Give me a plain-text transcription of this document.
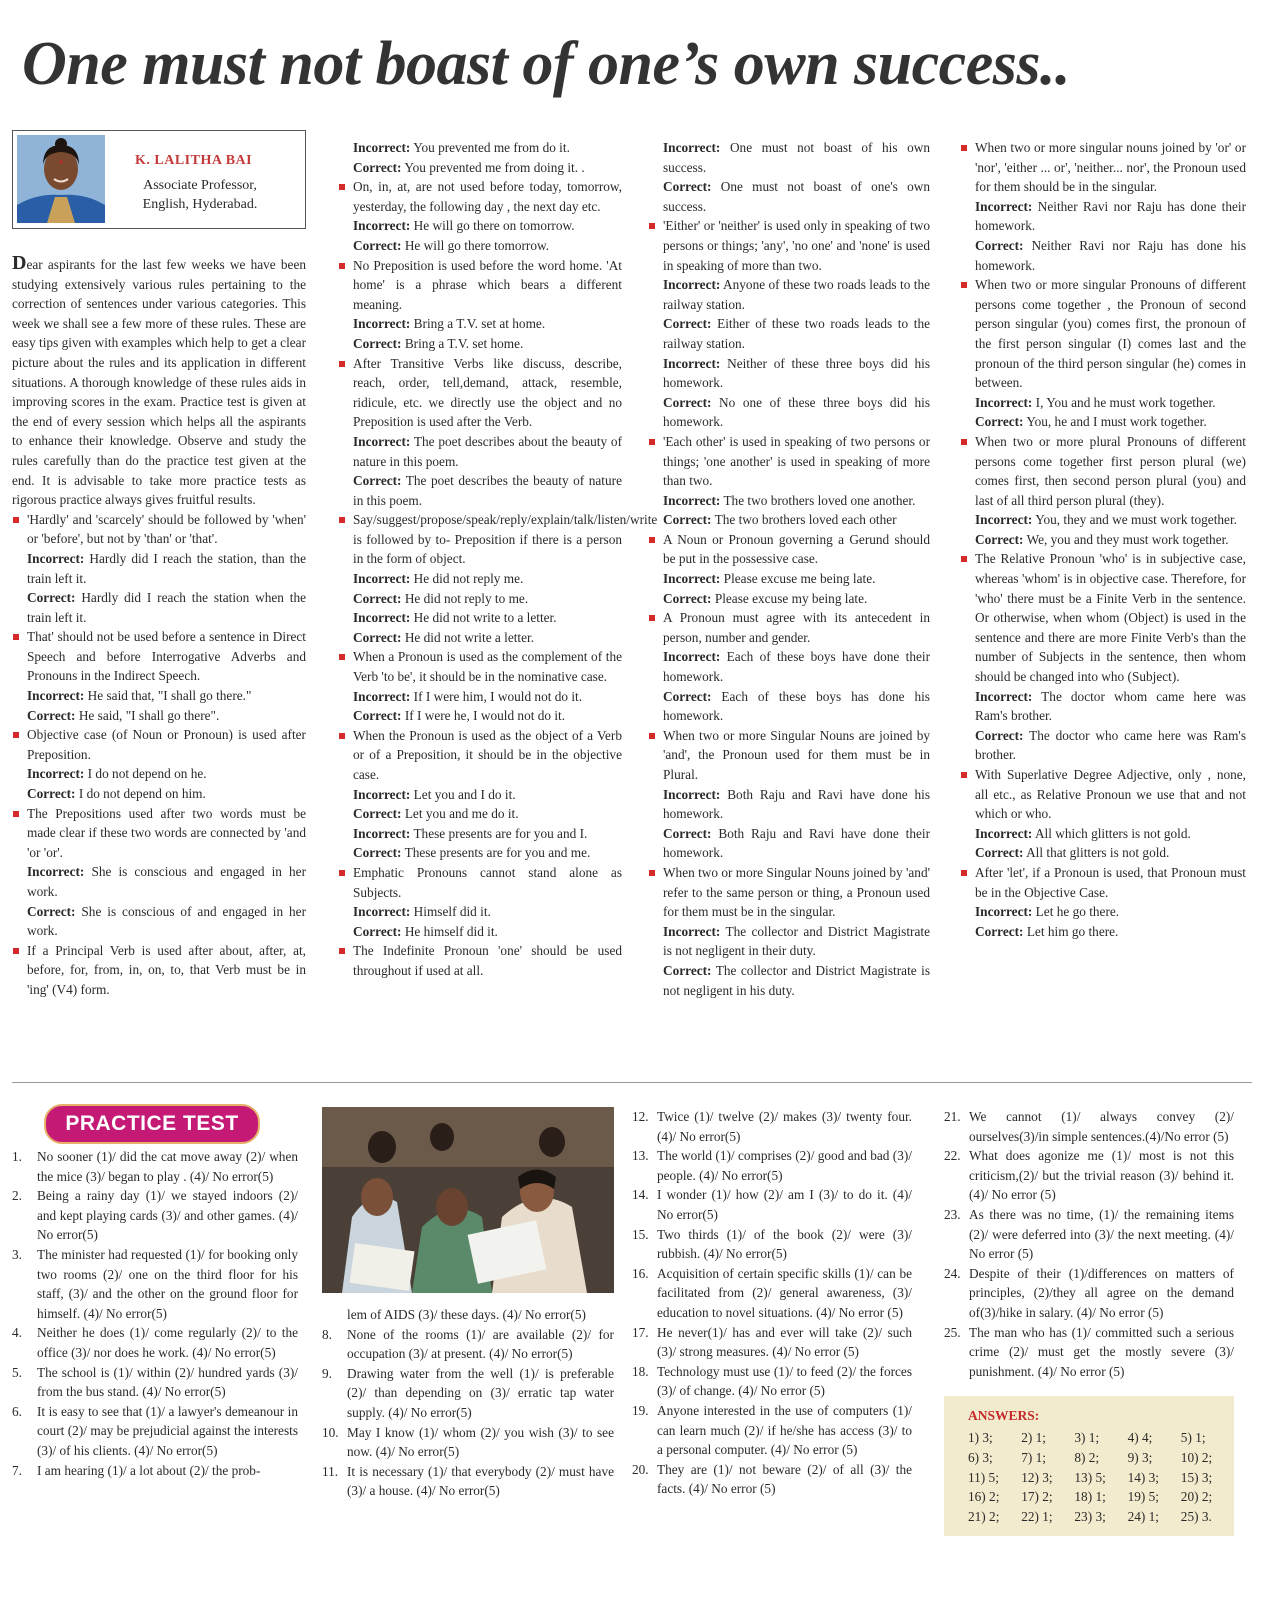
One must not boast of one’s own success..
K. LALITHA BAI
Associate Professor,
English, Hyderabad.
Dear aspirants for the last few weeks we have been studying extensively various rules pertaining to the correction of sentences under various categories. This week we shall see a few more of these rules. These are easy tips given with examples which help to get a clear picture about the rules and its application in different situations. A thorough knowledge of these rules aids in improving scores in the exam. Practice test is given at the end of every session which helps all the aspirants to enhance their knowledge. Observe and study the rules carefully than do the practice test given at the end. It is advisable to take more practice tests as rigorous practice always gives fruitful results.
'Hardly' and 'scarcely' should be followed by 'when' or 'before', but not by 'than' or 'that'.
Incorrect: Hardly did I reach the station, than the train left it.
Correct: Hardly did I reach the station when the train left it.
That' should not be used before a sentence in Direct Speech and before Interrogative Adverbs and Pronouns in the Indirect Speech.
Incorrect: He said that, "I shall go there."
Correct: He said, "I shall go there".
Objective case (of Noun or Pronoun) is used after Preposition.
Incorrect: I do not depend on he.
Correct: I do not depend on him.
The Prepositions used after two words must be made clear if these two words are connected by 'and 'or 'or'.
Incorrect: She is conscious and engaged in her work.
Correct: She is conscious of and engaged in her work.
If a Principal Verb is used after about, after, at, before, for, from, in, on, to, that Verb must be in 'ing' (V4) form.
Incorrect: You prevented me from do it.
Correct: You prevented me from doing it. .
On, in, at, are not used before today, tomorrow, yesterday, the following day , the next day etc.
Incorrect: He will go there on tomorrow.
Correct: He will go there tomorrow.
No Preposition is used before the word home. 'At home' is a phrase which bears a different meaning.
Incorrect: Bring a T.V. set at home.
Correct: Bring a T.V. set home.
After Transitive Verbs like discuss, describe, reach, order, tell,demand, attack, resemble, ridicule, etc. we directly use the object and no Preposition is used after the Verb.
Incorrect: The poet describes about the beauty of nature in this poem.
Correct: The poet describes the beauty of nature in this poem.
Say/suggest/propose/speak/reply/explain/talk/listen/write is followed by to- Preposition if there is a person in the form of object.
Incorrect: He did not reply me.
Correct: He did not reply to me.
Incorrect: He did not write to a letter.
Correct: He did not write a letter.
When a Pronoun is used as the complement of the Verb 'to be', it should be in the nominative case.
Incorrect: If I were him, I would not do it.
Correct: If I were he, I would not do it.
When the Pronoun is used as the object of a Verb or of a Preposition, it should be in the objective case.
Incorrect: Let you and I do it.
Correct: Let you and me do it.
Incorrect: These presents are for you and I.
Correct: These presents are for you and me.
Emphatic Pronouns cannot stand alone as Subjects.
Incorrect: Himself did it.
Correct: He himself did it.
The Indefinite Pronoun 'one' should be used throughout if used at all.
Incorrect: One must not boast of his own success.
Correct: One must not boast of one's own success.
'Either' or 'neither' is used only in speaking of two persons or things; 'any', 'no one' and 'none' is used in speaking of more than two.
Incorrect: Anyone of these two roads leads to the railway station.
Correct: Either of these two roads leads to the railway station.
Incorrect: Neither of these three boys did his homework.
Correct: No one of these three boys did his homework.
'Each other' is used in speaking of two persons or things; 'one another' is used in speaking of more than two.
Incorrect: The two brothers loved one another.
Correct: The two brothers loved each other
A Noun or Pronoun governing a Gerund should be put in the possessive case.
Incorrect: Please excuse me being late.
Correct: Please excuse my being late.
A Pronoun must agree with its antecedent in person, number and gender.
Incorrect: Each of these boys have done their homework.
Correct: Each of these boys has done his homework.
When two or more Singular Nouns are joined by 'and', the Pronoun used for them must be in Plural.
Incorrect: Both Raju and Ravi have done his homework.
Correct: Both Raju and Ravi have done their homework.
When two or more Singular Nouns joined by 'and' refer to the same person or thing, a Pronoun used for them must be in the singular.
Incorrect: The collector and District Magistrate is not negligent in their duty.
Correct: The collector and District Magistrate is not negligent in his duty.
When two or more singular nouns joined by 'or' or 'nor', 'either ... or', 'neither... nor', the Pronoun used for them should be in the singular.
Incorrect: Neither Ravi nor Raju has done their homework.
Correct: Neither Ravi nor Raju has done his homework.
When two or more singular Pronouns of different persons come together , the Pronoun of second person singular (you) comes first, the pronoun of the first person singular (I) comes last and the pronoun of the third person singular (he) comes in between.
Incorrect: I, You and he must work together.
Correct: You, he and I must work together.
When two or more plural Pronouns of different persons come together first person plural (we) comes first, then second person plural (you) and last of all third person plural (they).
Incorrect: You, they and we must work together.
Correct: We, you and they must work together.
The Relative Pronoun 'who' is in subjective case, whereas 'whom' is in objective case. Therefore, for 'who' there must be a Finite Verb in the sentence. Or otherwise, when whom (Object) is used in the sentence and there are more Finite Verb's than the number of Subjects in the sentence, then whom should be changed into who (Subject).
Incorrect: The doctor whom came here was Ram's brother.
Correct: The doctor who came here was Ram's brother.
With Superlative Degree Adjective, only , none, all etc., as Relative Pronoun we use that and not which or who.
Incorrect: All which glitters is not gold.
Correct: All that glitters is not gold.
After 'let', if a Pronoun is used, that Pronoun must be in the Objective Case.
Incorrect: Let he go there.
Correct: Let him go there.
PRACTICE TEST
1. No sooner (1)/ did the cat move away (2)/ when the mice (3)/ began to play . (4)/ No error(5)
2. Being a rainy day (1)/ we stayed indoors (2)/ and kept playing cards (3)/ and other games. (4)/ No error(5)
3. The minister had requested (1)/ for booking only two rooms (2)/ one on the third floor for his staff, (3)/ and the other on the ground floor for himself. (4)/ No error(5)
4. Neither he does (1)/ come regularly (2)/ to the office (3)/ nor does he work. (4)/ No error(5)
5. The school is (1)/ within (2)/ hundred yards (3)/ from the bus stand. (4)/ No error(5)
6. It is easy to see that (1)/ a lawyer's demeanour in court (2)/ may be prejudicial against the interests (3)/ of his clients. (4)/ No error(5)
7. I am hearing (1)/ a lot about (2)/ the prob-
lem of AIDS (3)/ these days. (4)/ No error(5)
8. None of the rooms (1)/ are available (2)/ for occupation (3)/ at present. (4)/ No error(5)
9. Drawing water from the well (1)/ is preferable (2)/ than depending on (3)/ erratic tap water supply. (4)/ No error(5)
10. May I know (1)/ whom (2)/ you wish (3)/ to see now. (4)/ No error(5)
11. It is necessary (1)/ that everybody (2)/ must have (3)/ a house. (4)/ No error(5)
12. Twice (1)/ twelve (2)/ makes (3)/ twenty four. (4)/ No error(5)
13. The world (1)/ comprises (2)/ good and bad (3)/ people. (4)/ No error(5)
14. I wonder (1)/ how (2)/ am I (3)/ to do it. (4)/ No error(5)
15. Two thirds (1)/ of the book (2)/ were (3)/ rubbish. (4)/ No error(5)
16. Acquisition of certain specific skills (1)/ can be facilitated from (2)/ general awareness, (3)/ education to novel situations. (4)/ No error (5)
17. He never(1)/ has and ever will take (2)/ such (3)/ strong measures. (4)/ No error (5)
18. Technology must use (1)/ to feed (2)/ the forces (3)/ of change. (4)/ No error (5)
19. Anyone interested in the use of computers (1)/ can learn much (2)/ if he/she has access (3)/ to a personal computer. (4)/ No error (5)
20. They are (1)/ not beware (2)/ of all (3)/ the facts. (4)/ No error (5)
21. We cannot (1)/ always convey (2)/ ourselves(3)/in simple sentences.(4)/No error (5)
22. What does agonize me (1)/ most is not this criticism,(2)/ but the trivial reason (3)/ behind it. (4)/ No error (5)
23. As there was no time, (1)/ the remaining items (2)/ were deferred into (3)/ the next meeting. (4)/ No error (5)
24. Despite of their (1)/differences on matters of principles, (2)/they all agree on the demand of(3)/hike in salary. (4)/ No error (5)
25. The man who has (1)/ committed such a serious crime (2)/ must get the mostly severe (3)/ punishment. (4)/ No error (5)
ANSWERS:
1) 3;	2) 1;	3) 1;	4) 4;	5) 1;
6) 3;	7) 1;	8) 2;	9) 3;	10) 2;
11) 5;	12) 3;	13) 5;	14) 3;	15) 3;
16) 2;	17) 2;	18) 1;	19) 5;	20) 2;
21) 2;	22) 1;	23) 3;	24) 1;	25) 3.
